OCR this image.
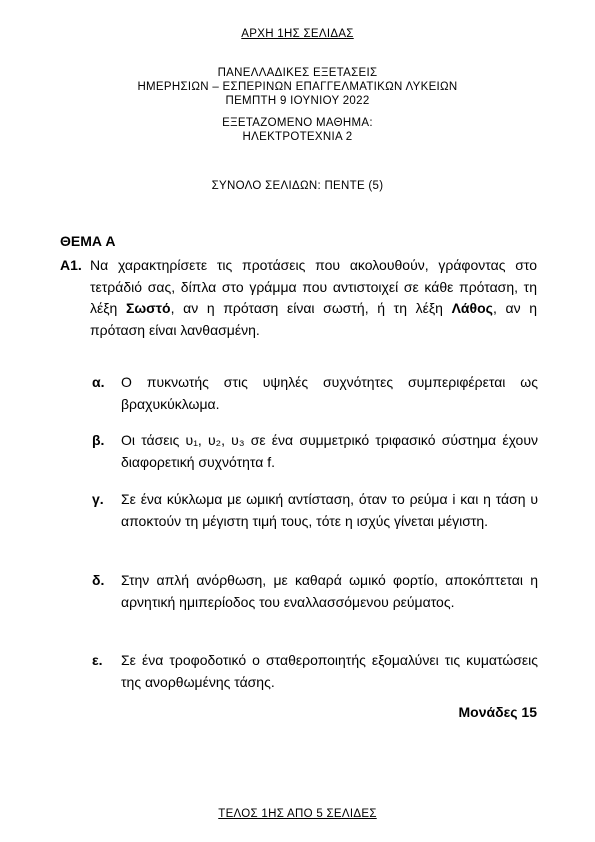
ΑΡΧΗ 1ΗΣ ΣΕΛΙΔΑΣ
ΠΑΝΕΛΛΑΔΙΚΕΣ ΕΞΕΤΑΣΕΙΣ
ΗΜΕΡΗΣΙΩΝ – ΕΣΠΕΡΙΝΩΝ ΕΠΑΓΓΕΛΜΑΤΙΚΩΝ ΛΥΚΕΙΩΝ
ΠΕΜΠΤΗ 9 ΙΟΥΝΙΟΥ 2022
ΕΞΕΤΑΖΟΜΕΝΟ ΜΑΘΗΜΑ:
ΗΛΕΚΤΡΟΤΕΧΝΙΑ 2
ΣΥΝΟΛΟ ΣΕΛΙΔΩΝ: ΠΕΝΤΕ (5)
ΘΕΜΑ Α
Α1. Να χαρακτηρίσετε τις προτάσεις που ακολουθούν, γράφοντας στο τετράδιό σας, δίπλα στο γράμμα που αντιστοιχεί σε κάθε πρόταση, τη λέξη Σωστό, αν η πρόταση είναι σωστή, ή τη λέξη Λάθος, αν η πρόταση είναι λανθασμένη.
α. Ο πυκνωτής στις υψηλές συχνότητες συμπεριφέρεται ως βραχυκύκλωμα.
β. Οι τάσεις υ₁, υ₂, υ₃ σε ένα συμμετρικό τριφασικό σύστημα έχουν διαφορετική συχνότητα f.
γ. Σε ένα κύκλωμα με ωμική αντίσταση, όταν το ρεύμα i και η τάση υ αποκτούν τη μέγιστη τιμή τους, τότε η ισχύς γίνεται μέγιστη.
δ. Στην απλή ανόρθωση, με καθαρά ωμικό φορτίο, αποκόπτεται η αρνητική ημιπερίοδος του εναλλασσόμενου ρεύματος.
ε. Σε ένα τροφοδοτικό ο σταθεροποιητής εξομαλύνει τις κυματώσεις της ανορθωμένης τάσης.
Μονάδες 15
ΤΕΛΟΣ 1ΗΣ ΑΠΟ 5 ΣΕΛΙΔΕΣ
